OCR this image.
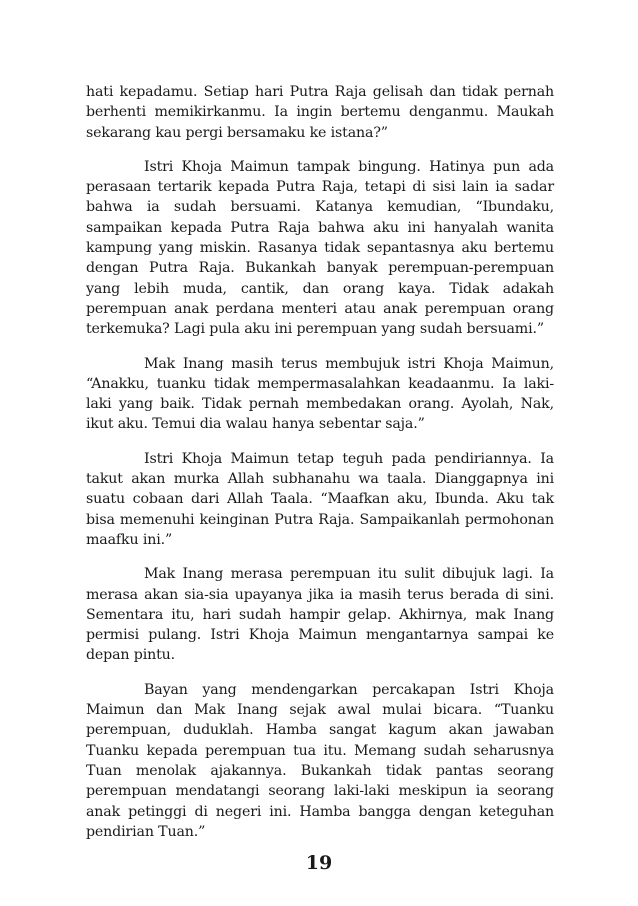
hati kepadamu. Setiap hari Putra Raja gelisah dan tidak pernah berhenti memikirkanmu. Ia ingin bertemu denganmu. Maukah sekarang kau pergi bersamaku ke istana?”

Istri Khoja Maimun tampak bingung. Hatinya pun ada perasaan tertarik kepada Putra Raja, tetapi di sisi lain ia sadar bahwa ia sudah bersuami. Katanya kemudian, “Ibundaku, sampaikan kepada Putra Raja bahwa aku ini hanyalah wanita kampung yang miskin. Rasanya tidak sepantasnya aku bertemu dengan Putra Raja. Bukankah banyak perempuan-perempuan yang lebih muda, cantik, dan orang kaya. Tidak adakah perempuan anak perdana menteri atau anak perempuan orang terkemuka? Lagi pula aku ini perempuan yang sudah bersuami.”

Mak Inang masih terus membujuk istri Khoja Maimun, “Anakku, tuanku tidak mempermasalahkan keadaanmu. Ia laki-laki yang baik. Tidak pernah membedakan orang. Ayolah, Nak, ikut aku. Temui dia walau hanya sebentar saja.”

Istri Khoja Maimun tetap teguh pada pendiriannya. Ia takut akan murka Allah subhanahu wa taala. Dianggapnya ini suatu cobaan dari Allah Taala. “Maafkan aku, Ibunda. Aku tak bisa memenuhi keinginan Putra Raja. Sampaikanlah permohonan maafku ini.”

Mak Inang merasa perempuan itu sulit dibujuk lagi. Ia merasa akan sia-sia upayanya jika ia masih terus berada di sini. Sementara itu, hari sudah hampir gelap. Akhirnya, mak Inang permisi pulang. Istri Khoja Maimun mengantarnya sampai ke depan pintu.

Bayan yang mendengarkan percakapan Istri Khoja Maimun dan Mak Inang sejak awal mulai bicara. “Tuanku perempuan, duduklah. Hamba sangat kagum akan jawaban Tuanku kepada perempuan tua itu. Memang sudah seharusnya Tuan menolak ajakannya. Bukankah tidak pantas seorang perempuan mendatangi seorang laki-laki meskipun ia seorang anak petinggi di negeri ini. Hamba bangga dengan keteguhan pendirian Tuan.”

19
